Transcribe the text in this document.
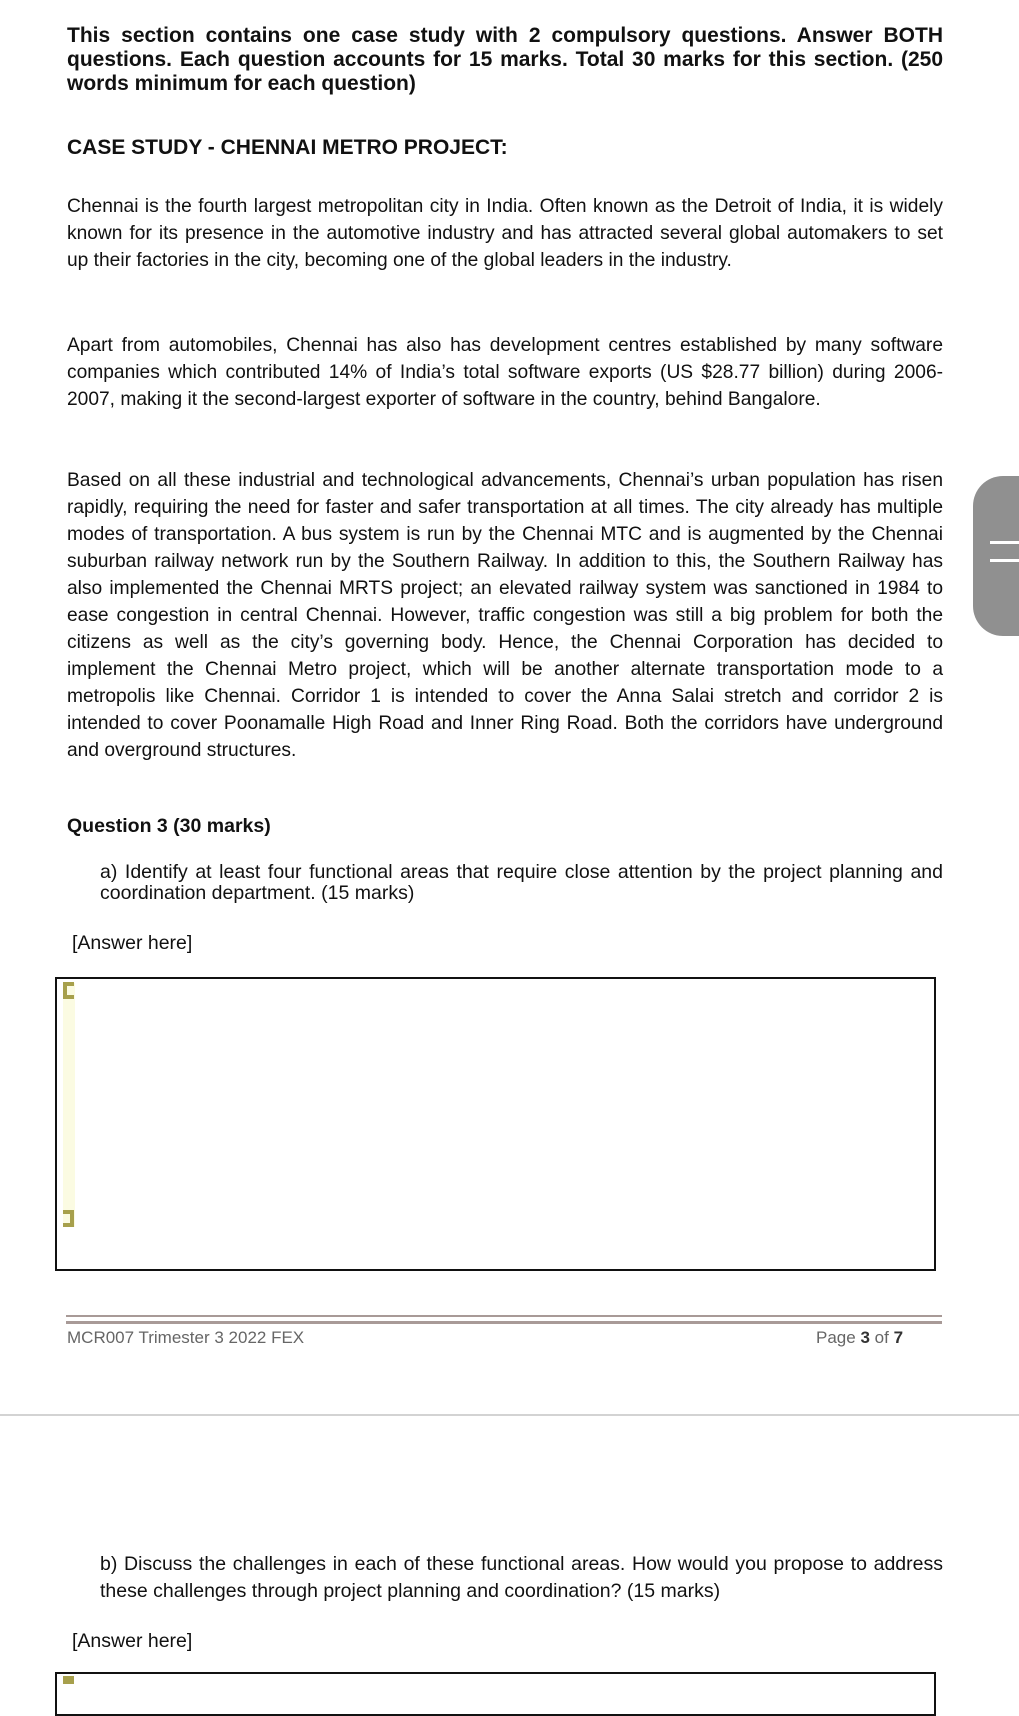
This section contains one case study with 2 compulsory questions. Answer BOTH questions. Each question accounts for 15 marks. Total 30 marks for this section. (250 words minimum for each question)

CASE STUDY - CHENNAI METRO PROJECT:

Chennai is the fourth largest metropolitan city in India. Often known as the Detroit of India, it is widely known for its presence in the automotive industry and has attracted several global automakers to set up their factories in the city, becoming one of the global leaders in the industry.

Apart from automobiles, Chennai has also has development centres established by many software companies which contributed 14% of India’s total software exports (US $28.77 billion) during 2006-2007, making it the second-largest exporter of software in the country, behind Bangalore.

Based on all these industrial and technological advancements, Chennai’s urban population has risen rapidly, requiring the need for faster and safer transportation at all times. The city already has multiple modes of transportation. A bus system is run by the Chennai MTC and is augmented by the Chennai suburban railway network run by the Southern Railway. In addition to this, the Southern Railway has also implemented the Chennai MRTS project; an elevated railway system was sanctioned in 1984 to ease congestion in central Chennai. However, traffic congestion was still a big problem for both the citizens as well as the city’s governing body. Hence, the Chennai Corporation has decided to implement the Chennai Metro project, which will be another alternate transportation mode to a metropolis like Chennai. Corridor 1 is intended to cover the Anna Salai stretch and corridor 2 is intended to cover Poonamalle High Road and Inner Ring Road. Both the corridors have underground and overground structures.

Question 3 (30 marks)

a) Identify at least four functional areas that require close attention by the project planning and coordination department. (15 marks)

[Answer here]

MCR007 Trimester 3 2022 FEX	Page 3 of 7

b) Discuss the challenges in each of these functional areas. How would you propose to address these challenges through project planning and coordination? (15 marks)

[Answer here]
